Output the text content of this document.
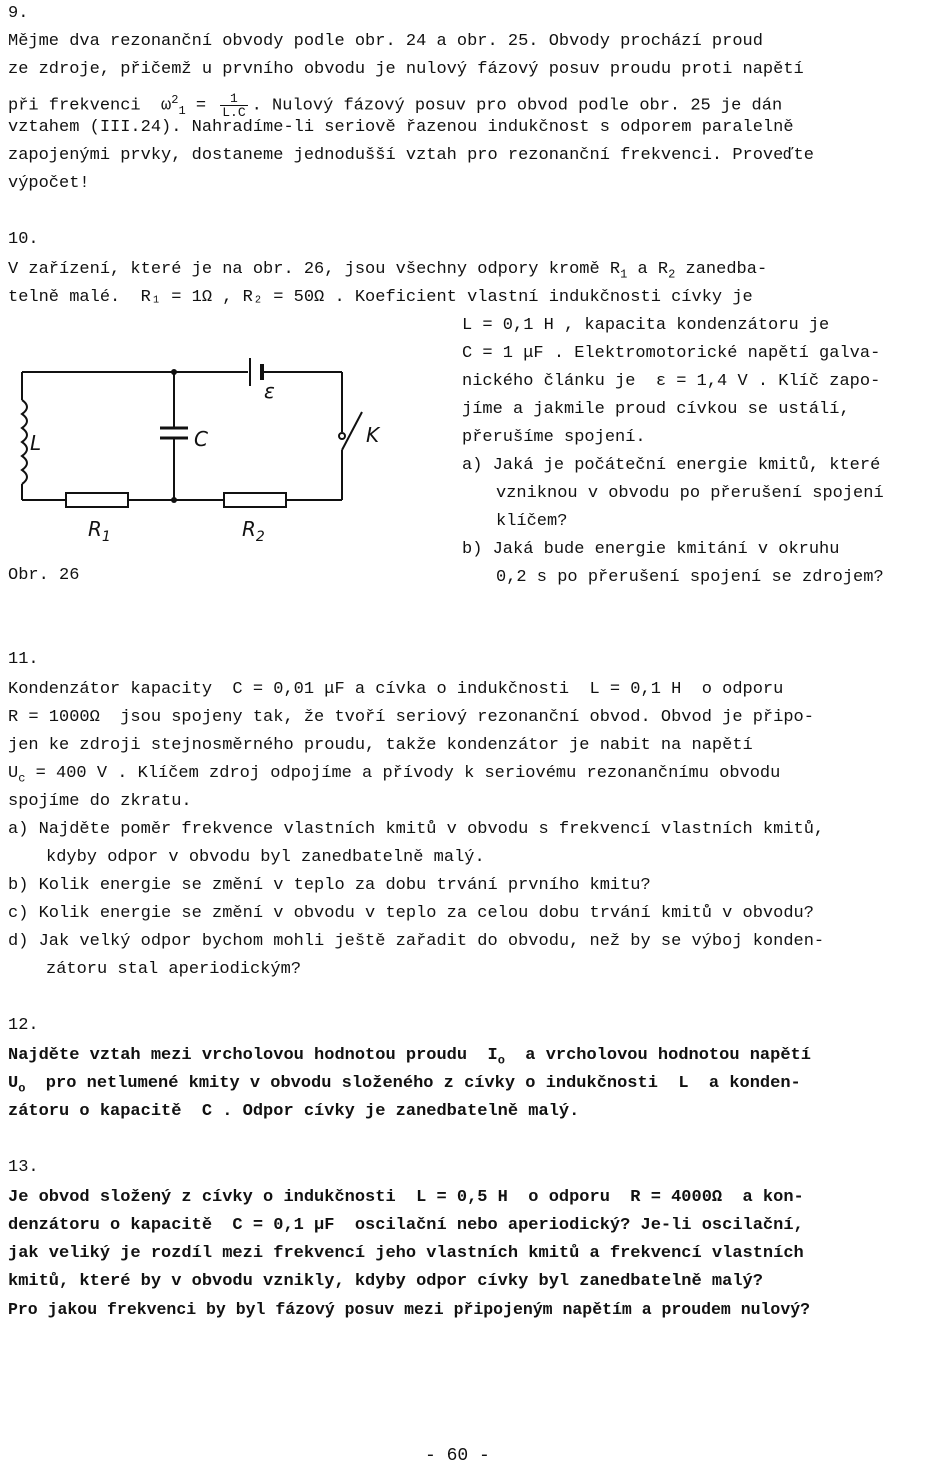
9.
Mějme dva rezonanční obvody podle obr. 24 a obr. 25. Obvody prochází proud
ze zdroje, přičemž u prvního obvodu je nulový fázový posuv proudu proti napětí
při frekvenci  $\omega^2_1 = \frac{1}{L.C}$ . Nulový fázový posuv pro obvod podle obr. 25 je dán
vztahem (III.24). Nahradíme-li seriově řazenou indukčnost s odporem paralelně
zapojenými prvky, dostaneme jednodušší vztah pro rezonanční frekvenci. Proveďte
výpočet!
10.
V zařízení, které je na obr. 26, jsou všechny odpory kromě $R_1$ a $R_2$ zanedba-
telně malé.  R₁ = 1Ω , R₂ = 50Ω . Koeficient vlastní indukčnosti cívky je
L = 0,1 H , kapacita kondenzátoru je
C = 1 μF . Elektromotorické napětí galva-
nického článku je  ε = 1,4 V . Klíč zapo-
jíme a jakmile proud cívkou se ustálí,
přerušíme spojení.
a) Jaká je počáteční energie kmitů, které
vzniknou v obvodu po přerušení spojení
klíčem?
b) Jaká bude energie kmitání v okruhu
0,2 s po přerušení spojení se zdrojem?
Obr. 26
L	C
ε
K
$R_1$	$R_2$
11.
Kondenzátor kapacity  C = 0,01 μF a cívka o indukčnosti  L = 0,1 H  o odporu
R = 1000Ω  jsou spojeny tak, že tvoří seriový rezonanční obvod. Obvod je připo-
jen ke zdroji stejnosměrného proudu, takže kondenzátor je nabit na napětí
$U_c = 400$ V . Klíčem zdroj odpojíme a přívody k seriovému rezonančnímu obvodu
spojíme do zkratu.
a) Najděte poměr frekvence vlastních kmitů v obvodu s frekvencí vlastních kmitů,
kdyby odpor v obvodu byl zanedbatelně malý.
b) Kolik energie se změní v teplo za dobu trvání prvního kmitu?
c) Kolik energie se změní v obvodu v teplo za celou dobu trvání kmitů v obvodu?
d) Jak velký odpor bychom mohli ještě zařadit do obvodu, než by se výboj konden-
zátoru stal aperiodickým?
12.
Najděte vztah mezi vrcholovou hodnotou proudu  $I_o$  a vrcholovou hodnotou napětí
$U_o$  pro netlumené kmity v obvodu složeného z cívky o indukčnosti  L  a konden-
zátoru o kapacitě  C . Odpor cívky je zanedbatelně malý.
13.
Je obvod složený z cívky o indukčnosti  L = 0,5 H  o odporu  R = 4000Ω  a kon-
denzátoru o kapacitě  C = 0,1 μF  oscilační nebo aperiodický? Je-li oscilační,
jak veliký je rozdíl mezi frekvencí jeho vlastních kmitů a frekvencí vlastních
kmitů, které by v obvodu vznikly, kdyby odpor cívky byl zanedbatelně malý?
Pro jakou frekvenci by byl fázový posuv mezi připojeným napětím a proudem nulový?
- 60 -
